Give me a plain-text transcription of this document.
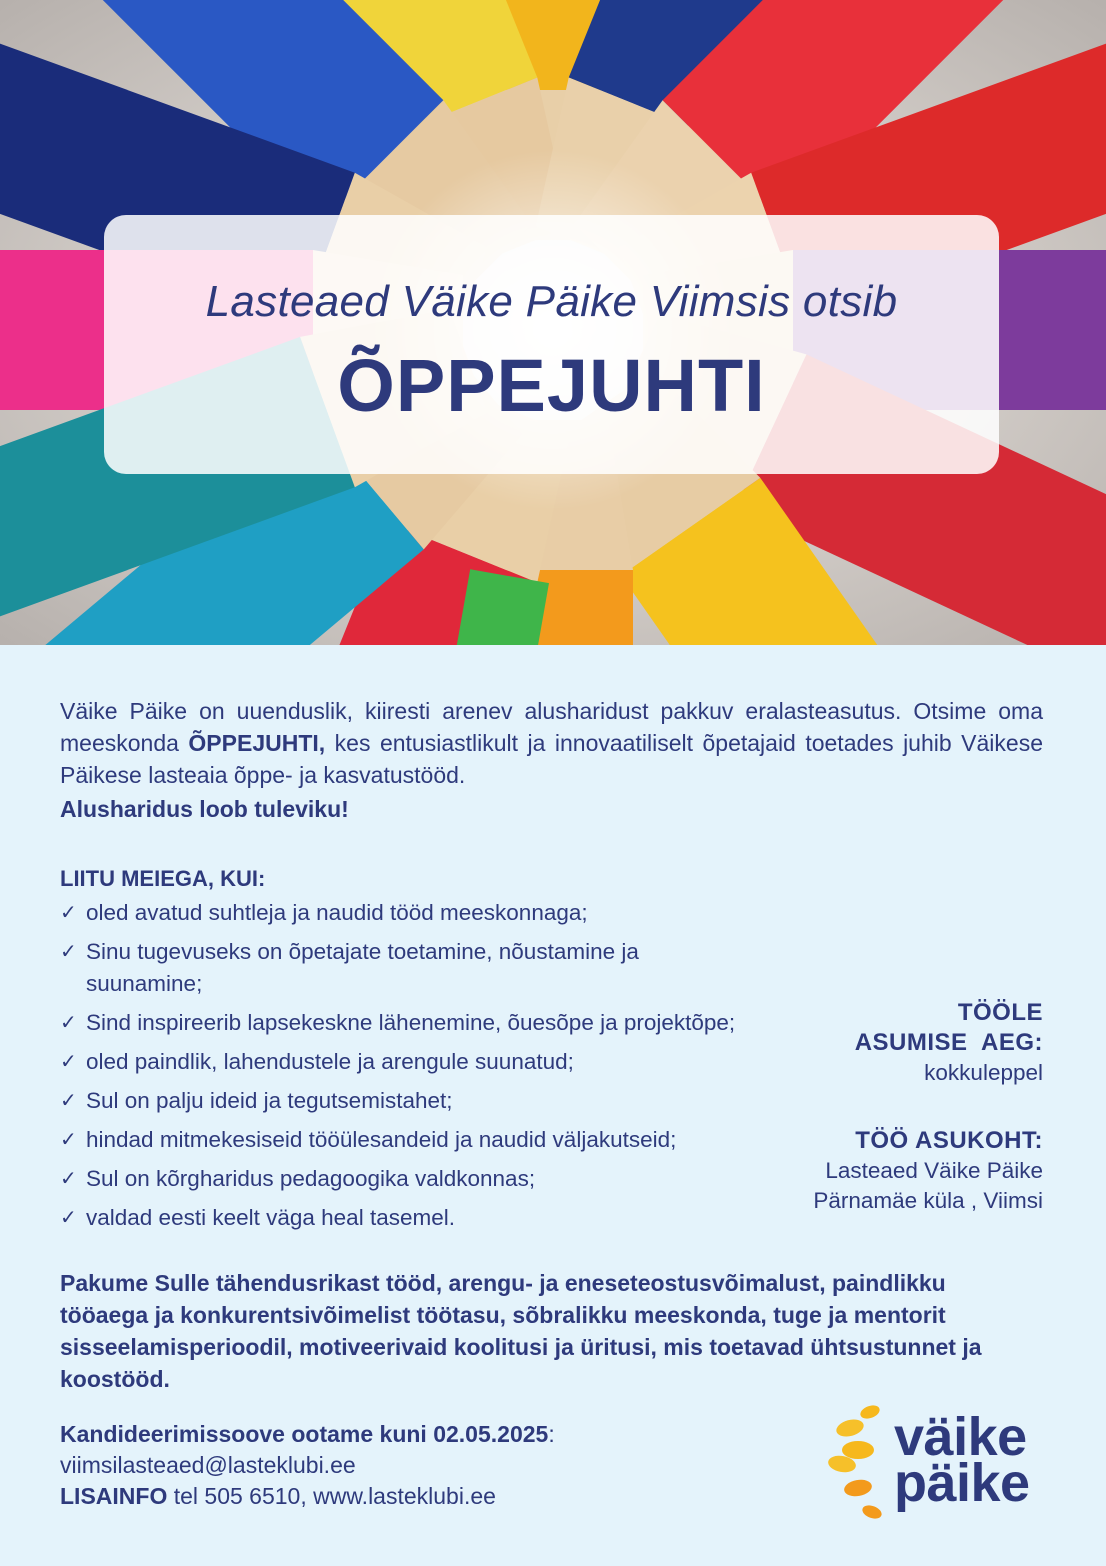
Lasteaed Väike Päike Viimsis otsib
ÕPPEJUHTI

Väike Päike on uuenduslik, kiiresti arenev alusharidust pakkuv eralasteasutus. Otsime oma meeskonda ÕPPEJUHTI, kes entusiastlikult ja innovaatiliselt õpetajaid toetades juhib Väikese Päikese lasteaia õppe- ja kasvatustööd.

Alusharidus loob tuleviku!

LIITU MEIEGA, KUI:

✓ oled avatud suhtleja ja naudid tööd meeskonnaga;
✓ Sinu tugevuseks on õpetajate toetamine, nõustamine ja suunamine;
✓ Sind inspireerib lapsekeskne lähenemine, õuesõpe ja projektõpe;
✓ oled paindlik, lahendustele ja arengule suunatud;
✓ Sul on palju ideid ja tegutsemistahet;
✓ hindad mitmekesiseid tööülesandeid ja naudid väljakutseid;
✓ Sul on kõrgharidus pedagoogika valdkonnas;
✓ valdad eesti keelt väga heal tasemel.
TÖÖLE
ASUMISE  AEG:
kokkuleppel
TÖÖ ASUKOHT:
Lasteaed Väike Päike
Pärnamäe küla , Viimsi

Pakume Sulle tähendusrikast tööd, arengu- ja eneseteostusvõimalust, paindlikku tööaega ja konkurentsivõimelist töötasu, sõbralikku meeskonda, tuge ja mentorit sisseelamisperioodil, motiveerivaid koolitusi ja üritusi, mis toetavad ühtsustunnet ja koostööd.

Kandideerimissoove ootame kuni 02.05.2025:
viimsilasteaed@lasteklubi.ee
LISAINFO tel 505 6510, www.lasteklubi.ee
väike
päike
